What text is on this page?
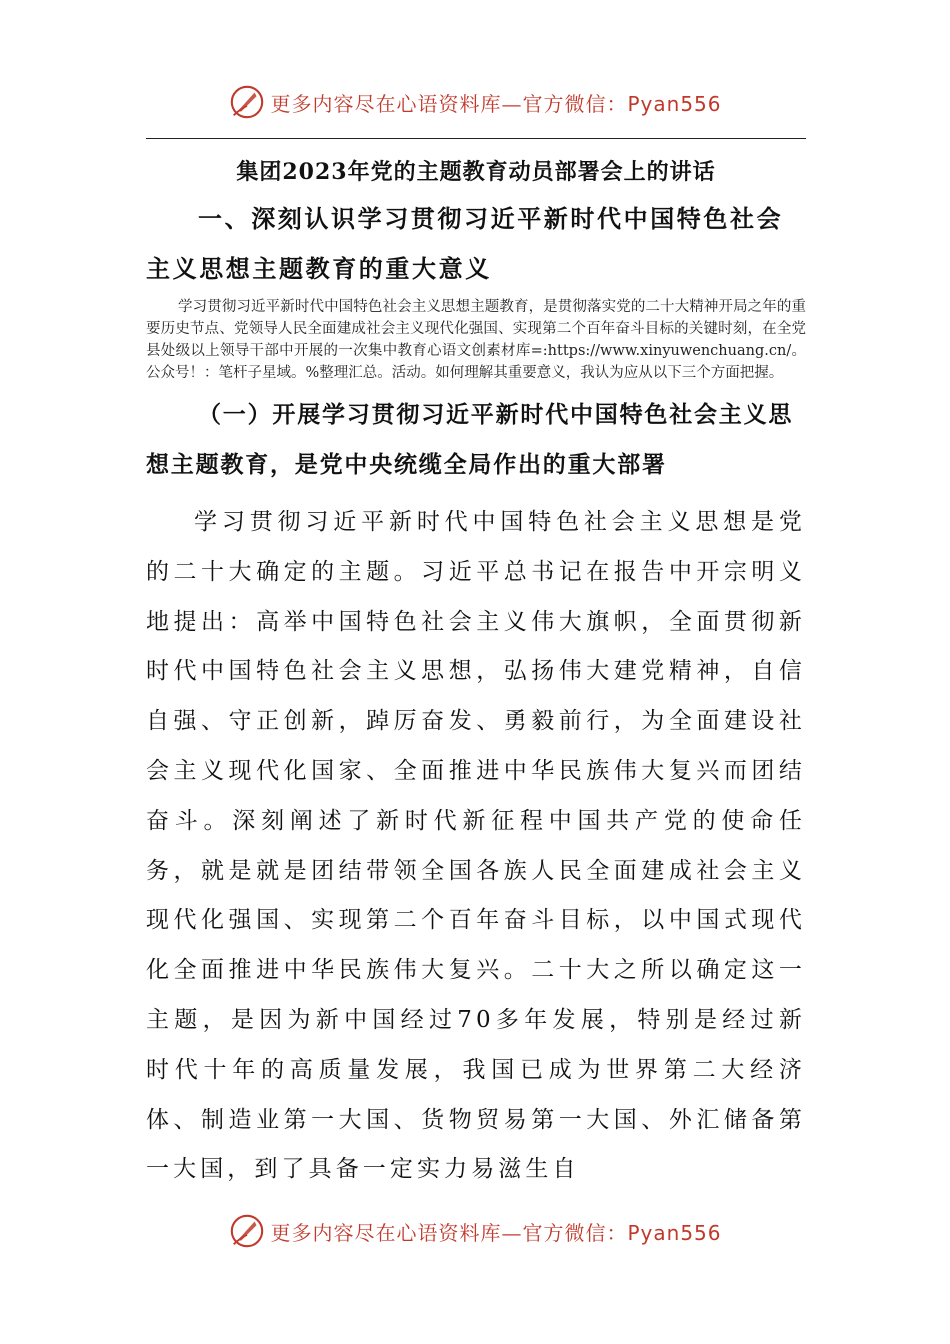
更多内容尽在心语资料库—官方微信：Pyan556

集团2023年党的主题教育动员部署会上的讲话

一、深刻认识学习贯彻习近平新时代中国特色社会主义思想主题教育的重大意义

学习贯彻习近平新时代中国特色社会主义思想主题教育，是贯彻落实党的二十大精神开局之年的重要历史节点、党领导人民全面建成社会主义现代化强国、实现第二个百年奋斗目标的关键时刻，在全党县处级以上领导干部中开展的一次集中教育心语文创素材库=:https://www.xinyuwenchuang.cn/。公众号！：笔杆子星域。%整理汇总。活动。如何理解其重要意义，我认为应从以下三个方面把握。

（一）开展学习贯彻习近平新时代中国特色社会主义思想主题教育，是党中央统缆全局作出的重大部署

学习贯彻习近平新时代中国特色社会主义思想是党的二十大确定的主题。习近平总书记在报告中开宗明义地提出：高举中国特色社会主义伟大旗帜，全面贯彻新时代中国特色社会主义思想，弘扬伟大建党精神，自信自强、守正创新，踔厉奋发、勇毅前行，为全面建设社会主义现代化国家、全面推进中华民族伟大复兴而团结奋斗。深刻阐述了新时代新征程中国共产党的使命任务，就是就是团结带领全国各族人民全面建成社会主义现代化强国、实现第二个百年奋斗目标，以中国式现代化全面推进中华民族伟大复兴。二十大之所以确定这一主题，是因为新中国经过70多年发展，特别是经过新时代十年的高质量发展，我国已成为世界第二大经济体、制造业第一大国、货物贸易第一大国、外汇储备第一大国，到了具备一定实力易滋生自

更多内容尽在心语资料库—官方微信：Pyan556
